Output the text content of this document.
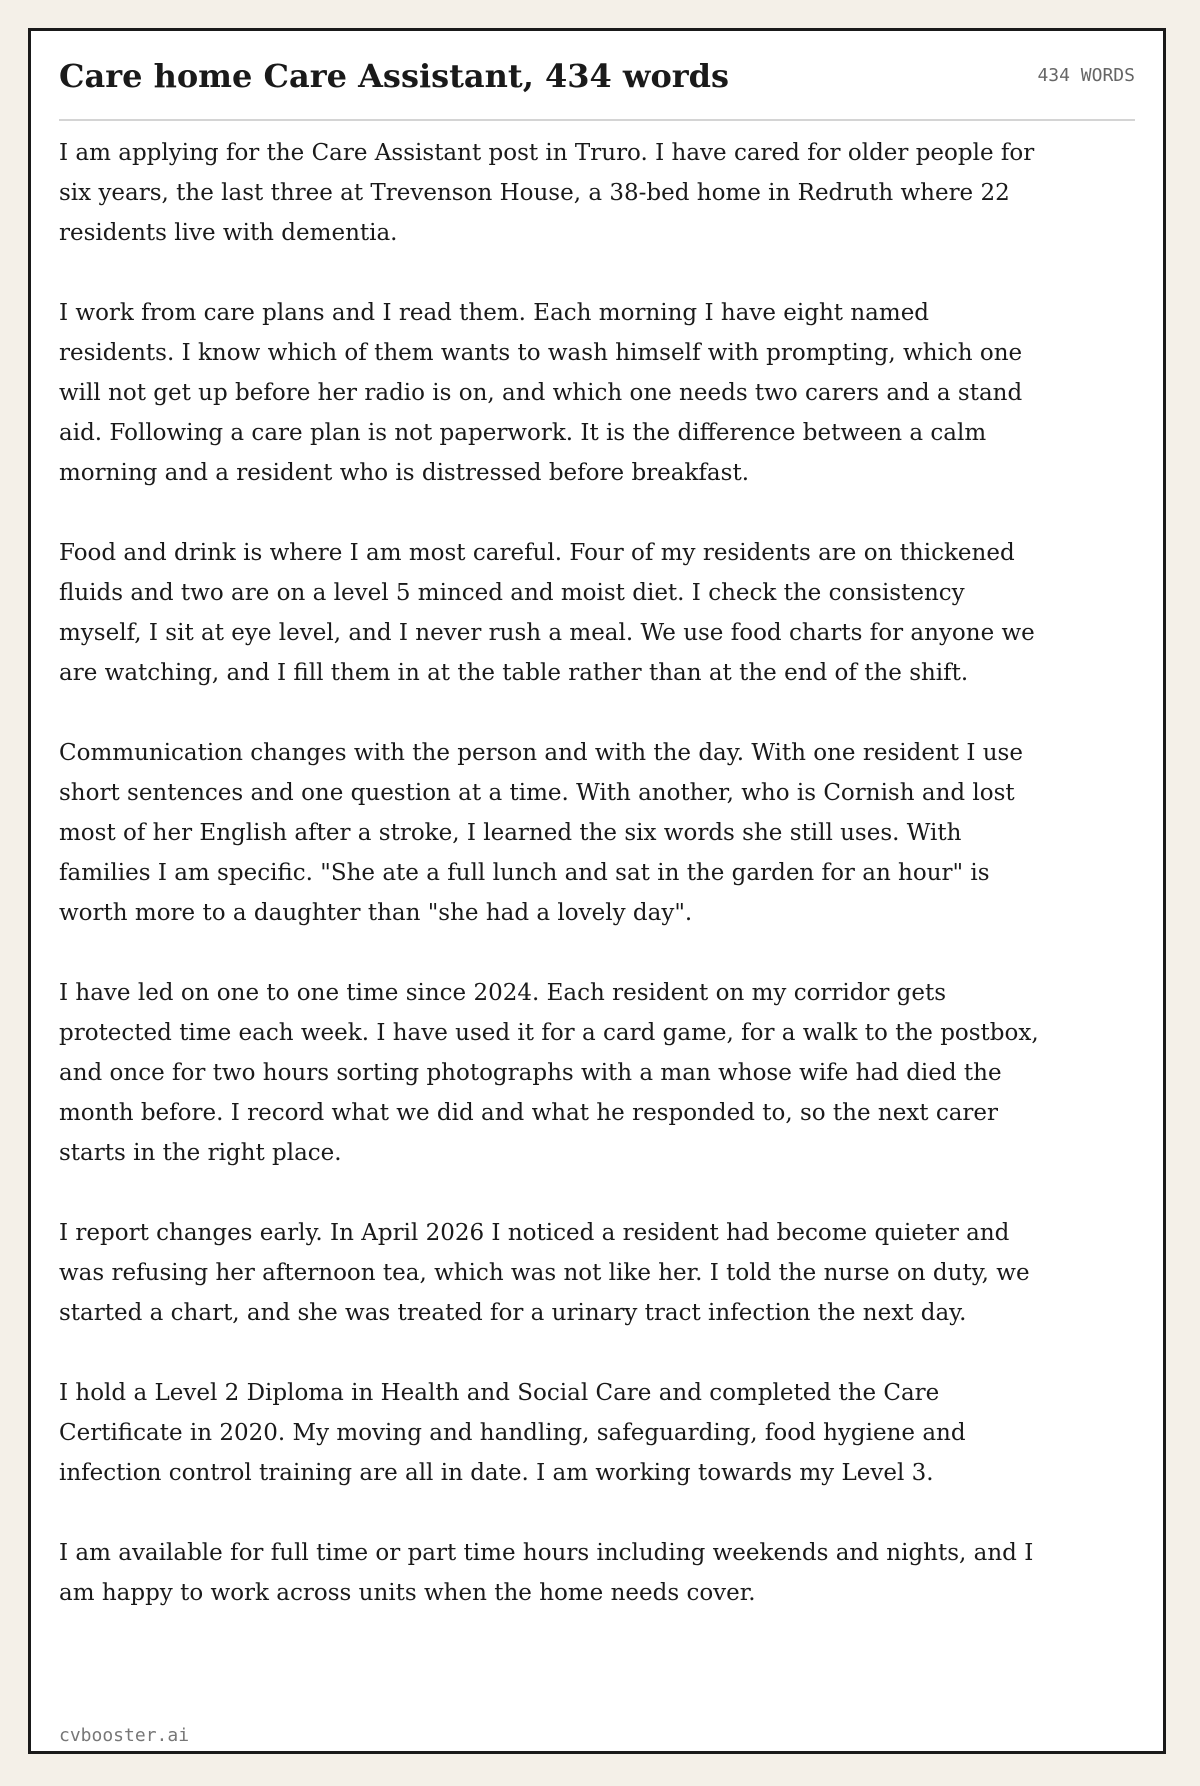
Care home Care Assistant, 434 words	434 WORDS

I am applying for the Care Assistant post in Truro. I have cared for older people for six years, the last three at Trevenson House, a 38-bed home in Redruth where 22 residents live with dementia.

I work from care plans and I read them. Each morning I have eight named residents. I know which of them wants to wash himself with prompting, which one will not get up before her radio is on, and which one needs two carers and a stand aid. Following a care plan is not paperwork. It is the difference between a calm morning and a resident who is distressed before breakfast.

Food and drink is where I am most careful. Four of my residents are on thickened fluids and two are on a level 5 minced and moist diet. I check the consistency myself, I sit at eye level, and I never rush a meal. We use food charts for anyone we are watching, and I fill them in at the table rather than at the end of the shift.

Communication changes with the person and with the day. With one resident I use short sentences and one question at a time. With another, who is Cornish and lost most of her English after a stroke, I learned the six words she still uses. With families I am specific. "She ate a full lunch and sat in the garden for an hour" is worth more to a daughter than "she had a lovely day".

I have led on one to one time since 2024. Each resident on my corridor gets protected time each week. I have used it for a card game, for a walk to the postbox, and once for two hours sorting photographs with a man whose wife had died the month before. I record what we did and what he responded to, so the next carer starts in the right place.

I report changes early. In April 2026 I noticed a resident had become quieter and was refusing her afternoon tea, which was not like her. I told the nurse on duty, we started a chart, and she was treated for a urinary tract infection the next day.

I hold a Level 2 Diploma in Health and Social Care and completed the Care Certificate in 2020. My moving and handling, safeguarding, food hygiene and infection control training are all in date. I am working towards my Level 3.

I am available for full time or part time hours including weekends and nights, and I am happy to work across units when the home needs cover.

cvbooster.ai
